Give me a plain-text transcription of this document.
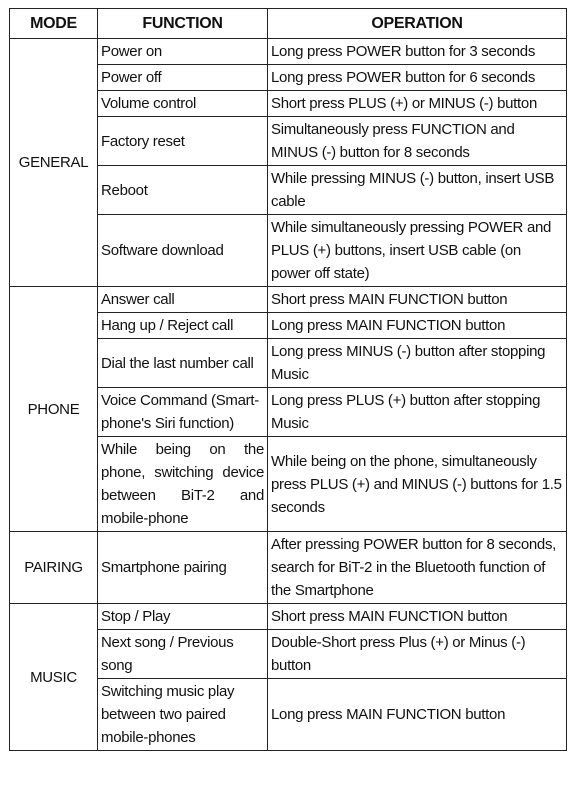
MODE	FUNCTION	OPERATION
GENERAL	Power on	Long press POWER button for 3 seconds
	Power off	Long press POWER button for 6 seconds
	Volume control	Short press PLUS (+) or MINUS (-) button
	Factory reset	Simultaneously press FUNCTION and MINUS (-) button for 8 seconds
	Reboot	While pressing MINUS (-) button, insert USB cable
	Software download	While simultaneously pressing POWER and PLUS (+) buttons, insert USB cable (on power off state)
PHONE	Answer call	Short press MAIN FUNCTION button
	Hang up / Reject call	Long press MAIN FUNCTION button
	Dial the last number call	Long press MINUS (-) button after stopping Music
	Voice Command (Smart-phone's Siri function)	Long press PLUS (+) button after stopping Music
	While being on the phone, switching device between BiT-2 and mobile-phone	While being on the phone, simultaneously press PLUS (+) and MINUS (-) buttons for 1.5 seconds
PAIRING	Smartphone pairing	After pressing POWER button for 8 seconds, search for BiT-2 in the Bluetooth function of the Smartphone
MUSIC	Stop / Play	Short press MAIN FUNCTION button
	Next song / Previous song	Double-Short press Plus (+) or Minus (-) button
	Switching music play between two paired mobile-phones	Long press MAIN FUNCTION button
